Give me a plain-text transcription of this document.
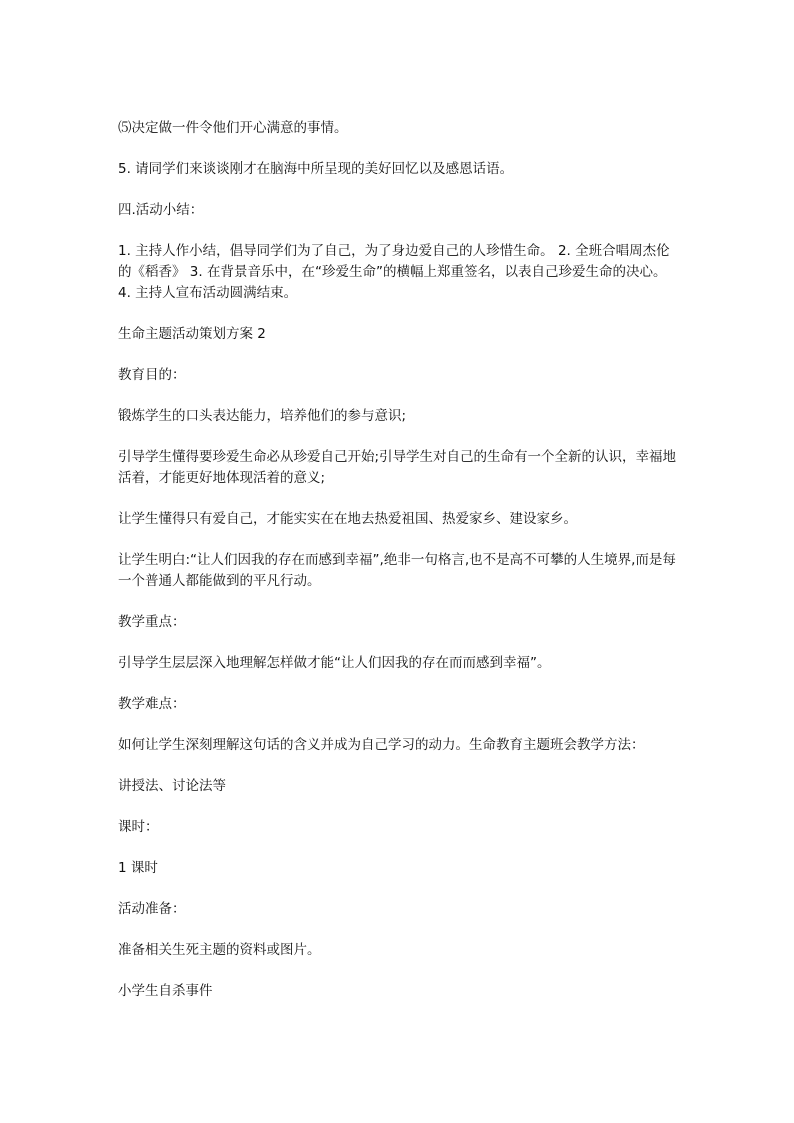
⑸决定做一件令他们开心满意的事情。

5. 请同学们来谈谈刚才在脑海中所呈现的美好回忆以及感恩话语。

四.活动小结：

1. 主持人作小结，倡导同学们为了自己，为了身边爱自己的人珍惜生命。 2. 全班合唱周杰伦的《稻香》 3. 在背景音乐中，在“珍爱生命”的横幅上郑重签名，以表自己珍爱生命的决心。 4. 主持人宣布活动圆满结束。

生命主题活动策划方案 2

教育目的：

锻炼学生的口头表达能力，培养他们的参与意识;

引导学生懂得要珍爱生命必从珍爱自己开始;引导学生对自己的生命有一个全新的认识，幸福地活着，才能更好地体现活着的意义;

让学生懂得只有爱自己，才能实实在在地去热爱祖国、热爱家乡、建设家乡。

让学生明白:“让人们因我的存在而感到幸福”,绝非一句格言,也不是高不可攀的人生境界,而是每一个普通人都能做到的平凡行动。

教学重点：

引导学生层层深入地理解怎样做才能“让人们因我的存在而而感到幸福”。

教学难点：

如何让学生深刻理解这句话的含义并成为自己学习的动力。生命教育主题班会教学方法：

讲授法、讨论法等

课时：

1 课时

活动准备：

准备相关生死主题的资料或图片。

小学生自杀事件
